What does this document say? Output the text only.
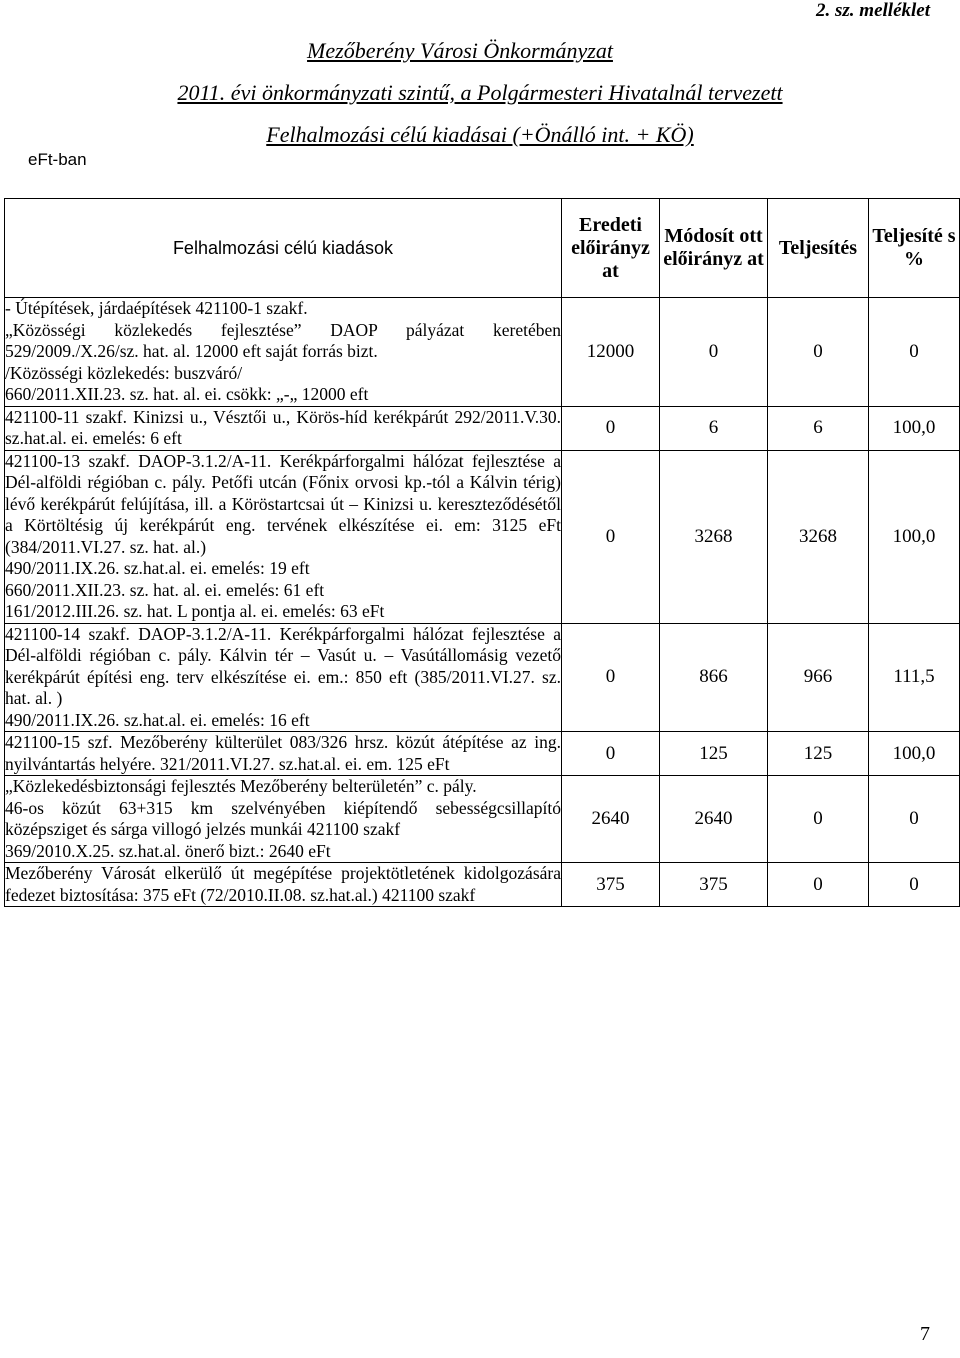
2. sz. melléklet
Mezőberény Városi Önkormányzat
2011. évi önkormányzati szintű, a Polgármesteri Hivatalnál tervezett
Felhalmozási célú kiadásai (+Önálló int. + KÖ)
eFt-ban
Felhalmozási célú kiadások	Eredeti előirányz at	Módosít ott előirányz at	Teljesítés	Teljesíté s %

- Útépítések, járdaépítések 421100-1 szakf.

„Közösségi közlekedés fejlesztése” DAOP pályázat keretében 529/2009./X.26/sz. hat. al. 12000 eft saját forrás bizt.

/Közösségi közlekedés: buszváró/

660/2011.XII.23. sz. hat. al. ei. csökk: „-„ 12000 eft	12000	0	0	0

421100-11 szakf. Kinizsi u., Vésztői u., Körös-híd kerékpárút 292/2011.V.30. sz.hat.al. ei. emelés: 6 eft	0	6	6	100,0

421100-13 szakf. DAOP-3.1.2/A-11. Kerékpárforgalmi hálózat fejlesztése a Dél-alföldi régióban c. pály. Petőfi utcán (Főnix orvosi kp.-tól a Kálvin térig) lévő kerékpárút felújítása, ill. a Köröstartcsai út – Kinizsi u. kereszteződésétől a Körtöltésig új kerékpárút eng. tervének elkészítése ei. em: 3125 eFt (384/2011.VI.27. sz. hat. al.)

490/2011.IX.26. sz.hat.al. ei. emelés: 19 eft

660/2011.XII.23. sz. hat. al. ei. emelés: 61 eft

161/2012.III.26. sz. hat. L pontja al. ei. emelés: 63 eFt	0	3268	3268	100,0

421100-14 szakf. DAOP-3.1.2/A-11. Kerékpárforgalmi hálózat fejlesztése a Dél-alföldi régióban c. pály. Kálvin tér – Vasút u. – Vasútállomásig vezető kerékpárút építési eng. terv elkészítése ei. em.: 850 eft (385/2011.VI.27. sz. hat. al. )

490/2011.IX.26. sz.hat.al. ei. emelés: 16 eft	0	866	966	111,5

421100-15 szf. Mezőberény külterület 083/326 hrsz. közút átépítése az ing. nyilvántartás helyére. 321/2011.VI.27. sz.hat.al. ei. em. 125 eFt	0	125	125	100,0

„Közlekedésbiztonsági fejlesztés Mezőberény belterületén” c. pály.

46-os közút 63+315 km szelvényében kiépítendő sebességcsillapító középsziget és sárga villogó jelzés munkái 421100 szakf

369/2010.X.25. sz.hat.al. önerő bizt.: 2640 eFt	2640	2640	0	0

Mezőberény Városát elkerülő út megépítése projektötletének kidolgozására fedezet biztosítása: 375 eFt (72/2010.II.08. sz.hat.al.) 421100 szakf	375	375	0	0
7
